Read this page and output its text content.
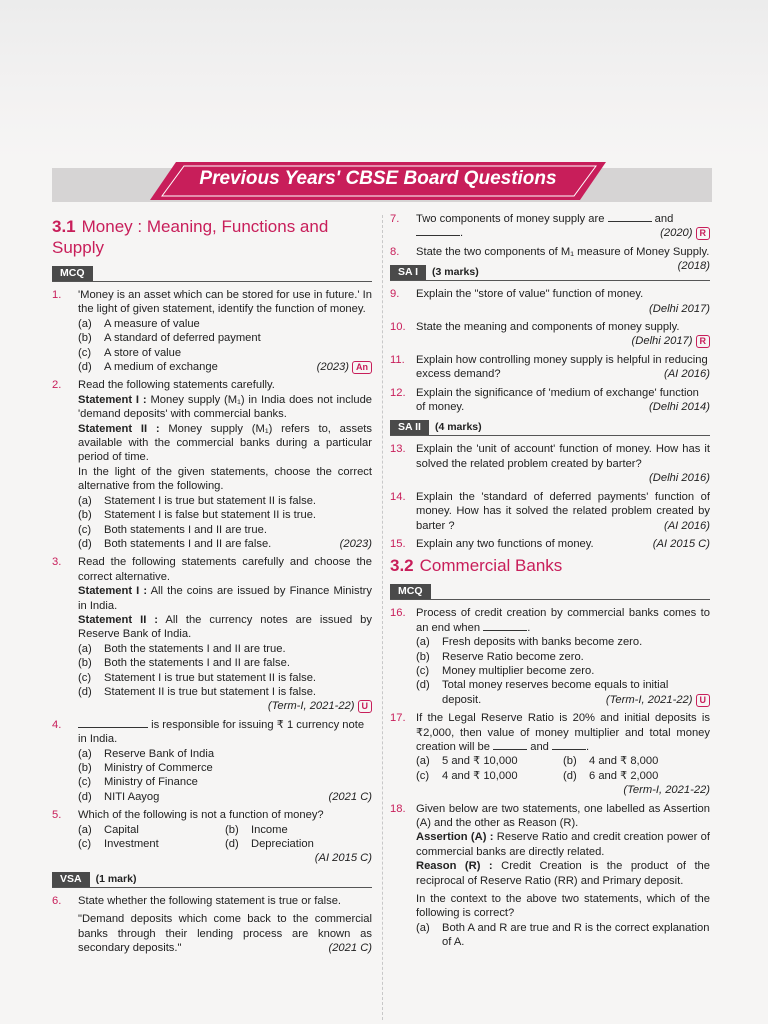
Previous Years' CBSE Board Questions
3.1 Money : Meaning, Functions and Supply
MCQ
1. 'Money is an asset which can be stored for use in future.' In the light of given statement, identify the function of money.
(a) A measure of value
(b) A standard of deferred payment
(c) A store of value
(d) A medium of exchange	(2023) An
2. Read the following statements carefully.
Statement I : Money supply (M₁) in India does not include 'demand deposits' with commercial banks.
Statement II : Money supply (M₁) refers to, assets available with the commercial banks during a particular period of time.
In the light of the given statements, choose the correct alternative from the following.
(a) Statement I is true but statement II is false.
(b) Statement I is false but statement II is true.
(c) Both statements I and II are true.
(d) Both statements I and II are false.	(2023)
3. Read the following statements carefully and choose the correct alternative.
Statement I : All the coins are issued by Finance Ministry in India.
Statement II : All the currency notes are issued by Reserve Bank of India.
(a) Both the statements I and II are true.
(b) Both the statements I and II are false.
(c) Statement I is true but statement II is false.
(d) Statement II is true but statement I is false.
(Term-I, 2021-22) U
4.	is responsible for issuing ₹ 1 currency note in India.
(a) Reserve Bank of India
(b) Ministry of Commerce
(c) Ministry of Finance
(d) NITI Aayog	(2021 C)
5. Which of the following is not a function of money?
(a) Capital	(b) Income
(c) Investment	(d) Depreciation
(AI 2015 C)
VSA (1 mark)
6. State whether the following statement is true or false.
"Demand deposits which come back to the commercial banks through their lending process are known as secondary deposits."	(2021 C)
7. Two components of money supply are	and
.	(2020) R
8. State the two components of M₁ measure of Money Supply.
(2018)
SA I (3 marks)
9. Explain the "store of value" function of money.
(Delhi 2017)
10. State the meaning and components of money supply.
(Delhi 2017) R
11. Explain how controlling money supply is helpful in reducing excess demand?	(AI 2016)
12. Explain the significance of 'medium of exchange' function of money.	(Delhi 2014)
SA II (4 marks)
13. Explain the 'unit of account' function of money. How has it solved the related problem created by barter?
(Delhi 2016)
14. Explain the 'standard of deferred payments' function of money. How has it solved the related problem created by barter ?	(AI 2016)
15. Explain any two functions of money.	(AI 2015 C)
3.2 Commercial Banks
MCQ
16. Process of credit creation by commercial banks comes to an end when	.
(a) Fresh deposits with banks become zero.
(b) Reserve Ratio become zero.
(c) Money multiplier become zero.
(d) Total money reserves become equals to initial deposit.	(Term-I, 2021-22) U
17. If the Legal Reserve Ratio is 20% and initial deposits is ₹2,000, then value of money multiplier and total money creation will be	and	.
(a) 5 and ₹ 10,000	(b) 4 and ₹ 8,000
(c) 4 and ₹ 10,000	(d) 6 and ₹ 2,000
(Term-I, 2021-22)
18. Given below are two statements, one labelled as Assertion (A) and the other as Reason (R).
Assertion (A) : Reserve Ratio and credit creation power of commercial banks are directly related.
Reason (R) : Credit Creation is the product of the reciprocal of Reserve Ratio (RR) and Primary deposit.
In the context to the above two statements, which of the following is correct?
(a) Both A and R are true and R is the correct explanation of A.
